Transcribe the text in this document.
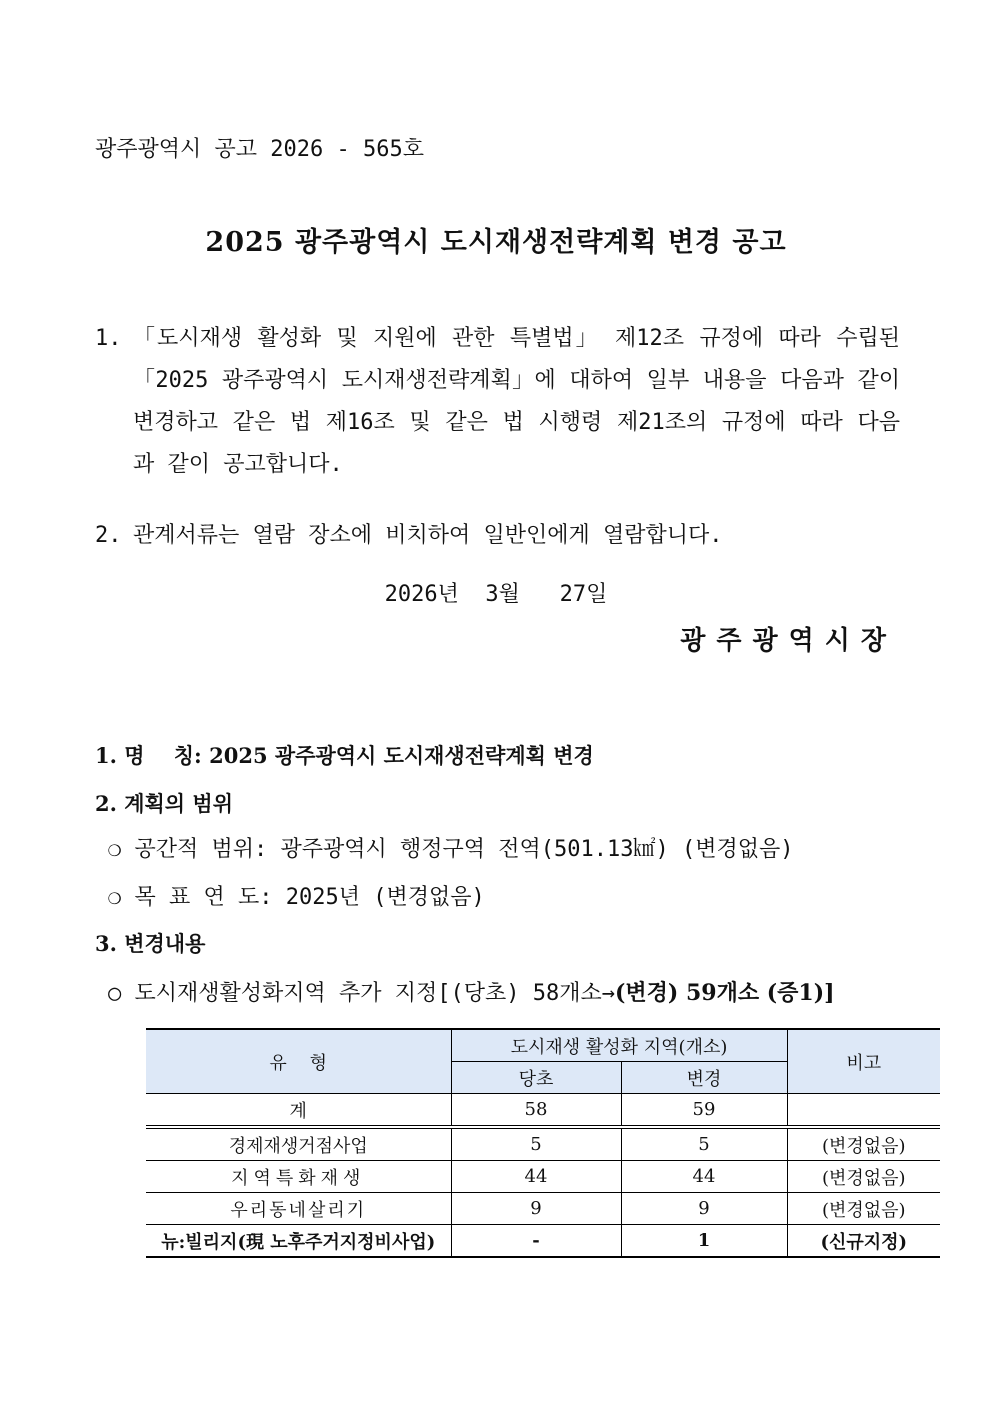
광주광역시 공고 2026 - 565호
2025 광주광역시 도시재생전략계획 변경 공고
1. 「도시재생 활성화 및 지원에 관한 특별법」 제12조 규정에 따라 수립된 「2025 광주광역시 도시재생전략계획」에 대하여 일부 내용을 다음과 같이 변경하고 같은 법 제16조 및 같은 법 시행령 제21조의 규정에 따라 다음과 같이 공고합니다.
2. 관계서류는 열람 장소에 비치하여 일반인에게 열람합니다.
2026년  3월   27일
광주광역시장
1. 명    칭: 2025 광주광역시 도시재생전략계획 변경
2. 계획의 범위
❍ 공간적 범위: 광주광역시 행정구역 전역(501.13㎢) (변경없음)
❍ 목 표 연 도: 2025년 (변경없음)
3. 변경내용
○ 도시재생활성화지역 추가 지정[(당초) 58개소→(변경) 59개소 (증1)]
유    형	도시재생 활성화 지역(개소)		비고
	당초	변경	
계	58	59	
경제재생거점사업	5	5	(변경없음)
지역특화재생	44	44	(변경없음)
우리동네살리기	9	9	(변경없음)
뉴:빌리지(現 노후주거지정비사업)	-	1	(신규지정)
